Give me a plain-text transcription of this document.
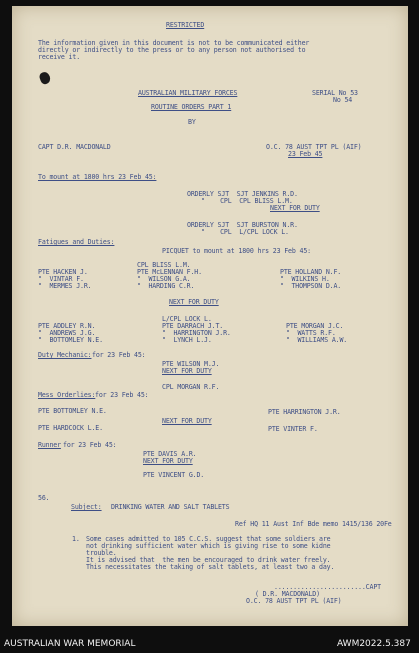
RESTRICTED
The information given in this document is not to be communicated either
directly or indirectly to the press or to any person not authorised to
receive it.
AUSTRALIAN MILITARY FORCES	SERIAL No 53
ROUTINE ORDERS PART 1
No 54
BY
CAPT D.R. MACDONALD	O.C. 78 AUST TPT PL (AIF)
23 Feb 45
To mount at 1800 hrs 23 Feb 45:
ORDERLY SJT  SJT JENKINS R.D.
"    CPL  CPL BLISS L.M.
NEXT FOR DUTY
ORDERLY SJT  SJT BURSTON N.R.
"    CPL  L/CPL LOCK L.
Fatigues and Duties:
PICQUET to mount at 1800 hrs 23 Feb 45:
CPL BLISS L.M.
PTE HACKEN J.	PTE McLENNAN F.H.	PTE HOLLAND N.F.
"  VINTAR F.	"  WILSON G.A.	"  WILKINS H.
"  MERMES J.R.	"  HARDING C.R.	"  THOMPSON D.A.
NEXT FOR DUTY
L/CPL LOCK L.
PTE ADDLEY R.N.	PTE DARRACH J.T.	PTE MORGAN J.C.
"  ANDREWS J.G.	"  HARRINGTON J.R.	"  WATTS R.F.
"  BOTTOMLEY N.E.	"  LYNCH L.J.	"  WILLIAMS A.W.
Duty Mechanic: for 23 Feb 45:
PTE WILSON M.J.
NEXT FOR DUTY
CPL MORGAN R.F.
Mess Orderlies: for 23 Feb 45:
PTE BOTTOMLEY N.E.	PTE HARRINGTON J.R.
NEXT FOR DUTY
PTE HARDCOCK L.E.	PTE VINTER F.
Runner for 23 Feb 45:
PTE DAVIS A.R.
NEXT FOR DUTY
PTE VINCENT G.D.
56.
Subject: DRINKING WATER AND SALT TABLETS
Ref HQ 11 Aust Inf Bde memo 1415/136 20Fe
1. Some cases admitted to 105 C.C.S. suggest that some soldiers are
not drinking sufficient water which is giving rise to some kidne
trouble.
It is advised that  the men be encouraged to drink water freely.
This necessitates the taking of salt tablets, at least two a day.
........................CAPT
( D.R. MACDONALD)
O.C. 78 AUST TPT PL (AIF)
AUSTRALIAN WAR MEMORIAL	AWM2022.5.387
